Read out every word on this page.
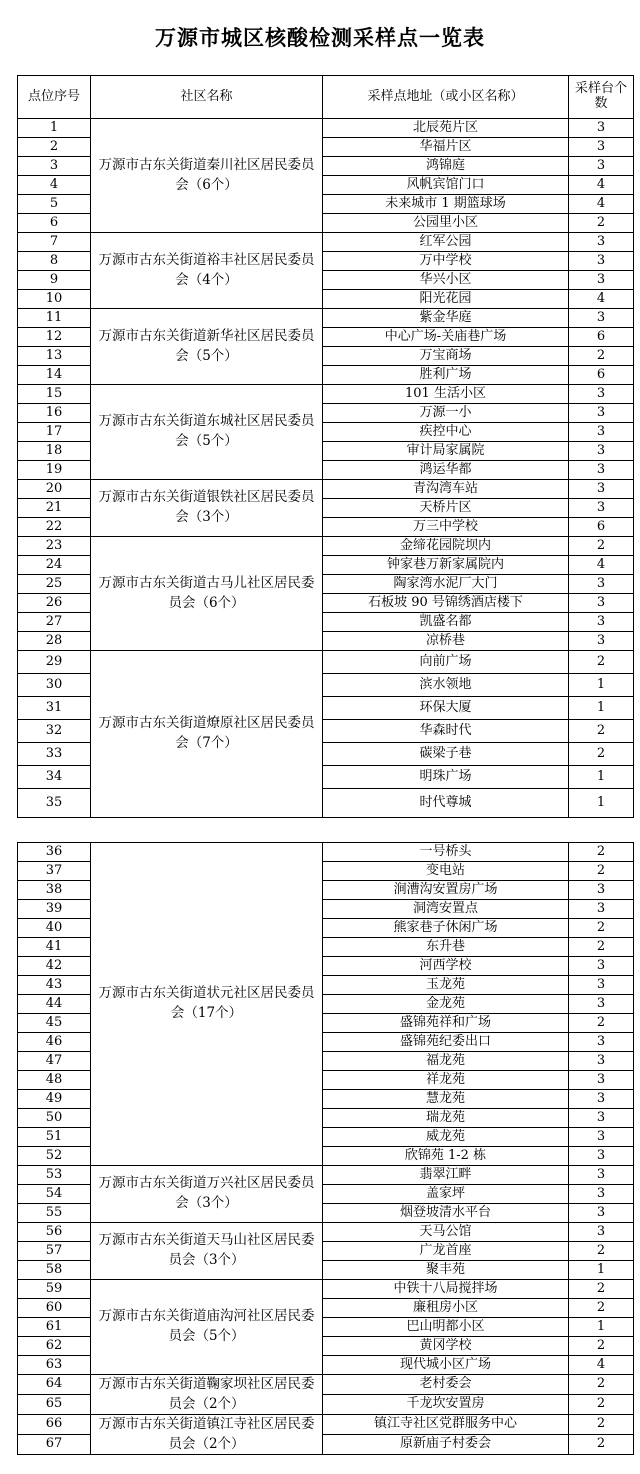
万源市城区核酸检测采样点一览表
点位序号	社区名称	采样点地址（或小区名称）	采样台个数
1	万源市古东关街道秦川社区居民委员会（6个）	北辰苑片区	3
2		华福片区	3
3		鸿锦庭	3
4		风帆宾馆门口	4
5		未来城市 1 期篮球场	4
6		公园里小区	2
7	万源市古东关街道裕丰社区居民委员会（4个）	红军公园	3
8		万中学校	3
9		华兴小区	3
10		阳光花园	4
11	万源市古东关街道新华社区居民委员会（5个）	紫金华庭	3
12		中心广场-关庙巷广场	6
13		万宝商场	2
14		胜利广场	6
15	万源市古东关街道东城社区居民委员会（5个）	101 生活小区	3
16		万源一小	3
17		疾控中心	3
18		审计局家属院	3
19		鸿运华都	3
20	万源市古东关街道银铁社区居民委员会（3个）	青沟湾车站	3
21		天桥片区	3
22		万三中学校	6
23	万源市古东关街道古马儿社区居民委员会（6个）	金缔花园院坝内	2
24		钟家巷万新家属院内	4
25		陶家湾水泥厂大门	3
26		石板坡 90 号锦绣酒店楼下	3
27		凯盛名都	3
28		凉桥巷	3
29	万源市古东关街道燎原社区居民委员会（7个）	向前广场	2
30		滨水领地	1
31		环保大厦	1
32		华森时代	2
33		碳梁子巷	2
34		明珠广场	1
35		时代尊城	1
36	万源市古东关街道状元社区居民委员会（17个）	一号桥头	2
37		变电站	2
38		涧漕沟安置房广场	3
39		洞湾安置点	3
40		熊家巷子休闲广场	2
41		东升巷	2
42		河西学校	3
43		玉龙苑	3
44		金龙苑	3
45		盛锦苑祥和广场	2
46		盛锦苑纪委出口	3
47		福龙苑	3
48		祥龙苑	3
49		慧龙苑	3
50		瑞龙苑	3
51		威龙苑	3
52		欣锦苑 1-2 栋	3
53	万源市古东关街道万兴社区居民委员会（3个）	翡翠江畔	3
54		盖家坪	3
55		烟登坡清水平台	3
56	万源市古东关街道天马山社区居民委员会（3个）	天马公馆	3
57		广龙首座	2
58		聚丰苑	1
59	万源市古东关街道庙沟河社区居民委员会（5个）	中铁十八局搅拌场	2
60		廉租房小区	2
61		巴山明都小区	1
62		黄冈学校	2
63		现代城小区广场	4
64	万源市古东关街道鞠家坝社区居民委员会（2个）	老村委会	2
65		千龙坎安置房	2
66	万源市古东关街道镇江寺社区居民委员会（2个）	镇江寺社区党群服务中心	2
67		原新庙子村委会	2
